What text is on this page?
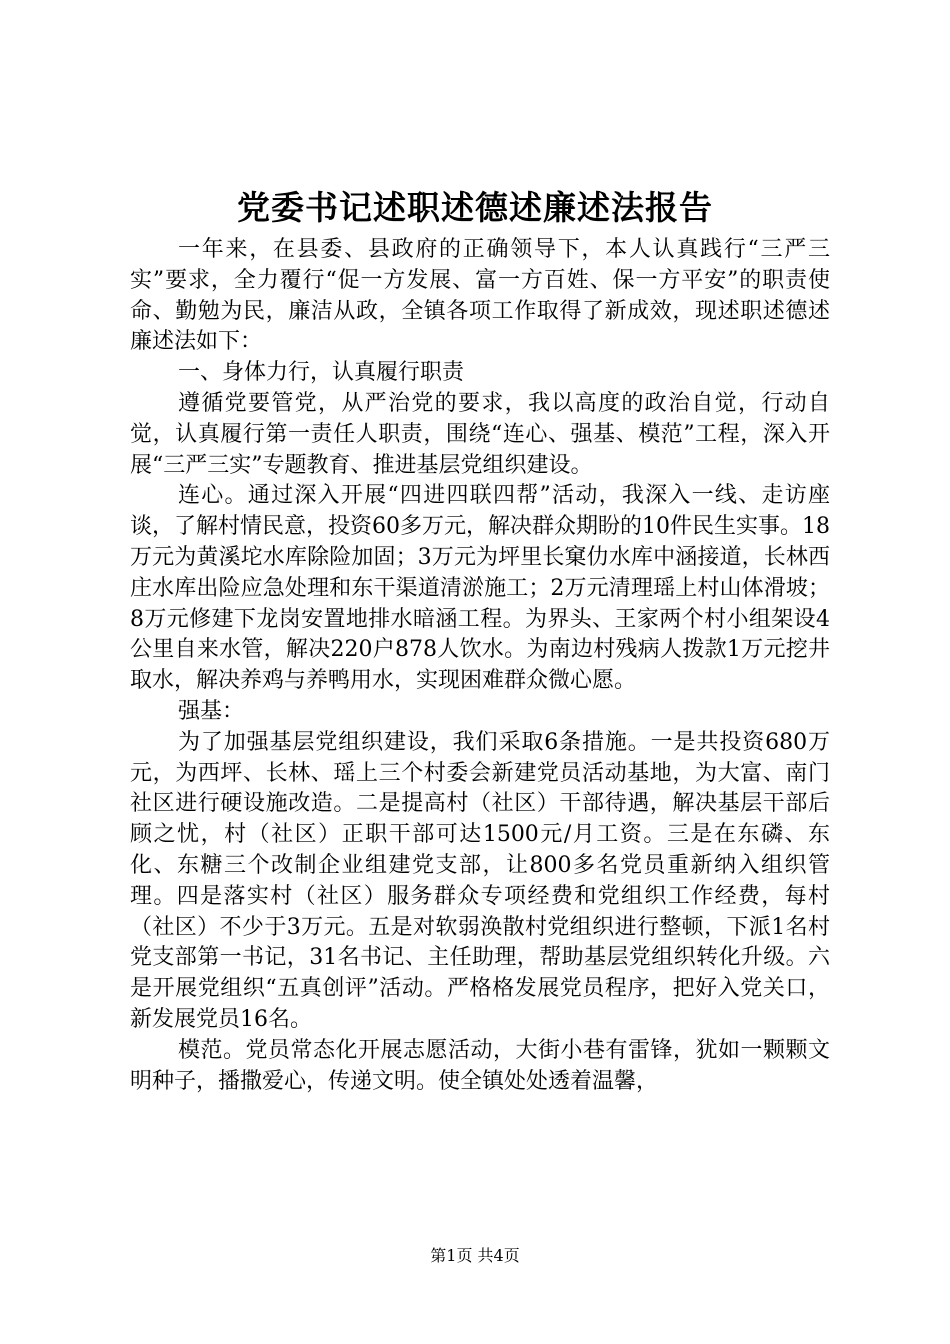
党委书记述职述德述廉述法报告

一年来，在县委、县政府的正确领导下，本人认真践行“三严三实”要求，全力覆行“促一方发展、富一方百姓、保一方平安”的职责使命、勤勉为民，廉洁从政，全镇各项工作取得了新成效，现述职述德述廉述法如下：

一、身体力行，认真履行职责

遵循党要管党，从严治党的要求，我以高度的政治自觉，行动自觉，认真履行第一责任人职责，围绕“连心、强基、模范”工程，深入开展“三严三实”专题教育、推进基层党组织建设。

连心。通过深入开展“四进四联四帮”活动，我深入一线、走访座谈，了解村情民意，投资60多万元，解决群众期盼的10件民生实事。18万元为黄溪坨水库除险加固；3万元为坪里长窠仂水库中涵接道，长林西庄水库出险应急处理和东干渠道清淤施工；2万元清理瑶上村山体滑坡；8万元修建下龙岗安置地排水暗涵工程。为界头、王家两个村小组架设4公里自来水管，解决220户878人饮水。为南边村残病人拨款1万元挖井取水，解决养鸡与养鸭用水，实现困难群众微心愿。

强基：

为了加强基层党组织建设，我们采取6条措施。一是共投资680万元，为西坪、长林、瑶上三个村委会新建党员活动基地，为大富、南门社区进行硬设施改造。二是提高村（社区）干部待遇，解决基层干部后顾之忧，村（社区）正职干部可达1500元/月工资。三是在东磷、东化、东糖三个改制企业组建党支部，让800多名党员重新纳入组织管理。四是落实村（社区）服务群众专项经费和党组织工作经费，每村（社区）不少于3万元。五是对软弱涣散村党组织进行整顿，下派1名村党支部第一书记，31名书记、主任助理，帮助基层党组织转化升级。六是开展党组织“五真创评”活动。严格格发展党员程序，把好入党关口，新发展党员16名。

模范。党员常态化开展志愿活动，大街小巷有雷锋，犹如一颗颗文明种子，播撒爱心，传递文明。使全镇处处透着温馨，

第1页 共4页
